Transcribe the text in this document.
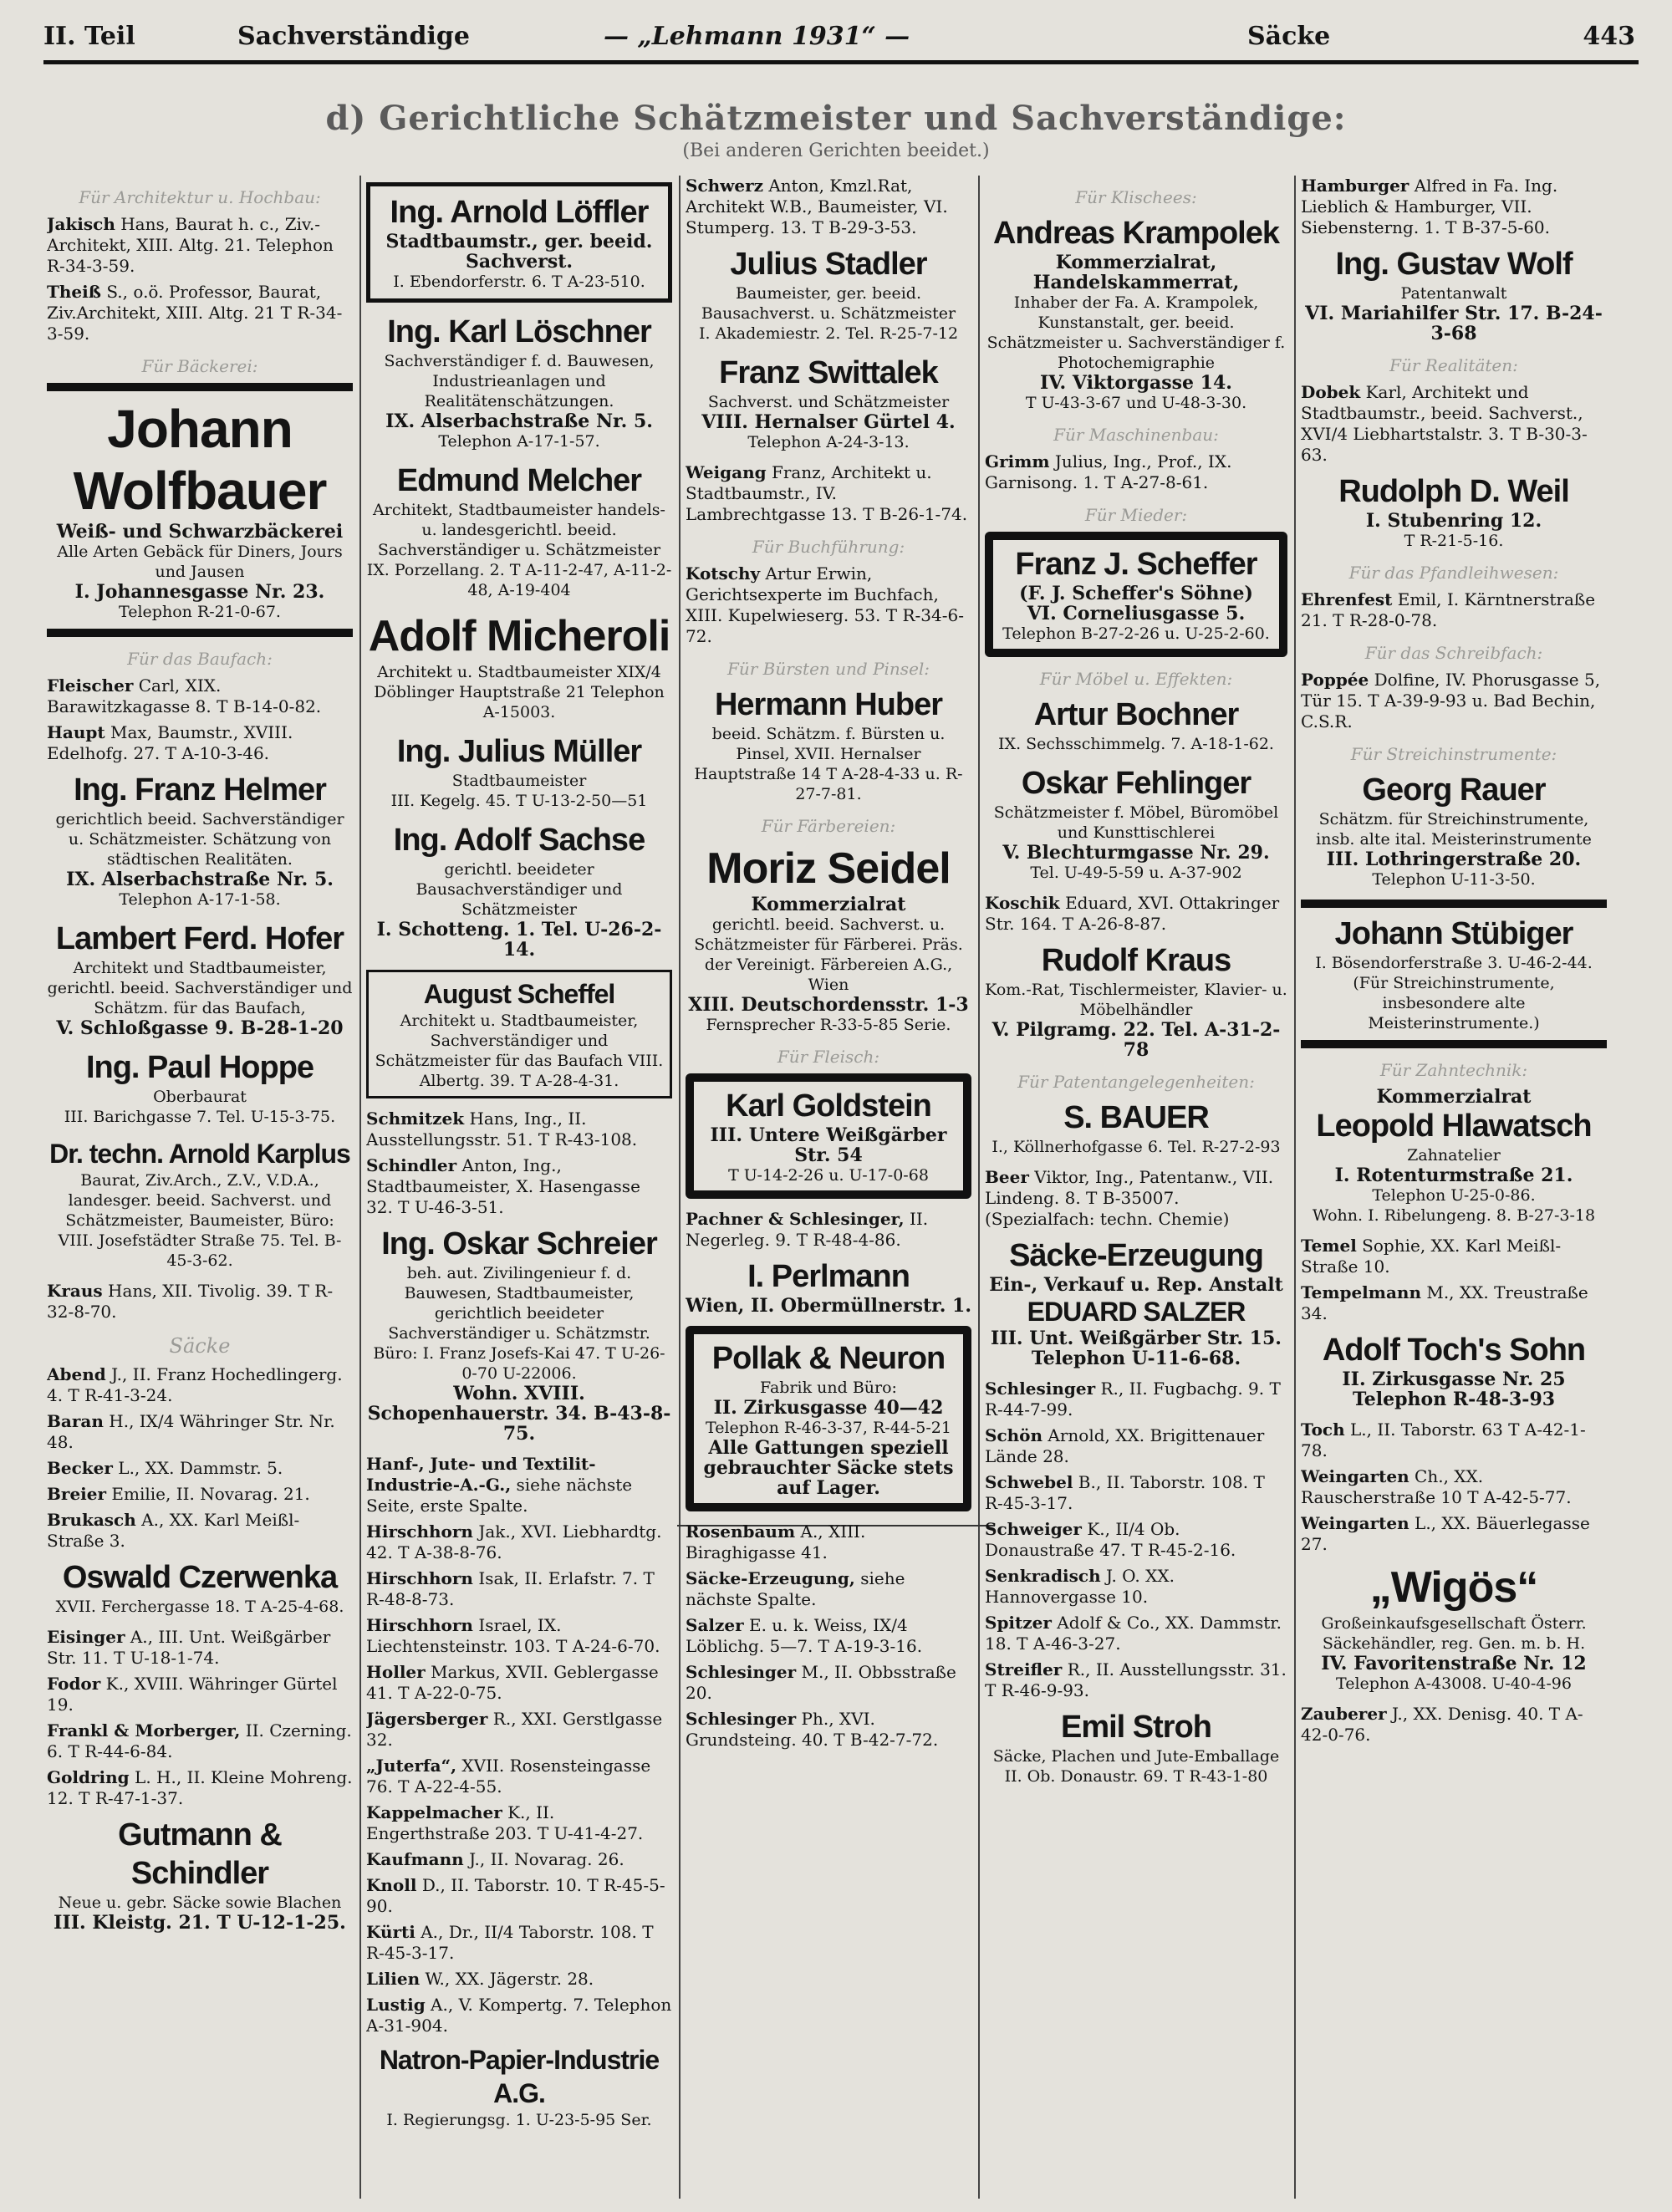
II. Teil	Sachverständige	— „Lehmann 1931“ —	Säcke	443
d) Gerichtliche Schätzmeister und Sachverständige:
(Bei anderen Gerichten beeidet.)
Für Architektur u. Hochbau:
Jakisch Hans, Baurat h. c., Ziv.-Architekt, XIII. Altg. 21. Telephon R-34-3-59.
Theiß S., o.ö. Professor, Baurat, Ziv.Architekt, XIII. Altg. 21 T R-34-3-59.
Für Bäckerei:
Johann Wolfbauer
Weiß- und Schwarzbäckerei
Alle Arten Gebäck für Diners, Jours und Jausen
I. Johannesgasse Nr. 23.
Telephon R-21-0-67.
Für das Baufach:
Fleischer Carl, XIX. Barawitzkagasse 8. T B-14-0-82.
Haupt Max, Baumstr., XVIII. Edelhofg. 27. T A-10-3-46.
Ing. Franz Helmer
gerichtlich beeid. Sachverständiger u. Schätzmeister. Schätzung von städtischen Realitäten.
IX. Alserbachstraße Nr. 5.
Telephon A-17-1-58.
Lambert Ferd. Hofer
Architekt und Stadtbaumeister, gerichtl. beeid. Sachverständiger und Schätzm. für das Baufach,
V. Schloßgasse 9. B-28-1-20
Ing. Paul Hoppe
Oberbaurat
III. Barichgasse 7. Tel. U-15-3-75.
Dr. techn. Arnold Karplus
Baurat, Ziv.Arch., Z.V., V.D.A., landesger. beeid. Sachverst. und Schätzmeister, Baumeister, Büro: VIII. Josefstädter Straße 75. Tel. B-45-3-62.
Kraus Hans, XII. Tivolig. 39. T R-32-8-70.
Säcke
Abend J., II. Franz Hochedlingerg. 4. T R-41-3-24.
Baran H., IX/4 Währinger Str. Nr. 48.
Becker L., XX. Dammstr. 5.
Breier Emilie, II. Novarag. 21.
Brukasch A., XX. Karl Meißl-Straße 3.
Oswald Czerwenka
XVII. Ferchergasse 18. T A-25-4-68.
Eisinger A., III. Unt. Weißgärber Str. 11. T U-18-1-74.
Fodor K., XVIII. Währinger Gürtel 19.
Frankl & Morberger, II. Czerning. 6. T R-44-6-84.
Goldring L. H., II. Kleine Mohreng. 12. T R-47-1-37.
Gutmann & Schindler
Neue u. gebr. Säcke sowie Blachen
III. Kleistg. 21. T U-12-1-25.
Ing. Arnold Löffler
Stadtbaumstr., ger. beeid. Sachverst.
I. Ebendorferstr. 6. T A-23-510.
Ing. Karl Löschner
Sachverständiger f. d. Bauwesen, Industrieanlagen und Realitätenschätzungen.
IX. Alserbachstraße Nr. 5.
Telephon A-17-1-57.
Edmund Melcher
Architekt, Stadtbaumeister handels- u. landesgerichtl. beeid. Sachverständiger u. Schätzmeister IX. Porzellang. 2. T A-11-2-47, A-11-2-48, A-19-404
Adolf Micheroli
Architekt u. Stadtbaumeister XIX/4 Döblinger Hauptstraße 21 Telephon A-15003.
Ing. Julius Müller
Stadtbaumeister
III. Kegelg. 45. T U-13-2-50—51
Ing. Adolf Sachse
gerichtl. beeideter Bausachverständiger und Schätzmeister
I. Schotteng. 1. Tel. U-26-2-14.
August Scheffel
Architekt u. Stadtbaumeister, Sachverständiger und Schätzmeister für das Baufach VIII. Albertg. 39. T A-28-4-31.
Schmitzek Hans, Ing., II. Ausstellungsstr. 51. T R-43-108.
Schindler Anton, Ing., Stadtbaumeister, X. Hasengasse 32. T U-46-3-51.
Ing. Oskar Schreier
beh. aut. Zivilingenieur f. d. Bauwesen, Stadtbaumeister, gerichtlich beeideter Sachverständiger u. Schätzmstr. Büro: I. Franz Josefs-Kai 47. T U-26-0-70 U-22006.
Wohn. XVIII. Schopenhauerstr. 34. B-43-8-75.
Hanf-, Jute- und Textilit-Industrie-A.-G., siehe nächste Seite, erste Spalte.
Hirschhorn Jak., XVI. Liebhardtg. 42. T A-38-8-76.
Hirschhorn Isak, II. Erlafstr. 7. T R-48-8-73.
Hirschhorn Israel, IX. Liechtensteinstr. 103. T A-24-6-70.
Holler Markus, XVII. Geblergasse 41. T A-22-0-75.
Jägersberger R., XXI. Gerstlgasse 32.
„Juterfa“, XVII. Rosensteingasse 76. T A-22-4-55.
Kappelmacher K., II. Engerthstraße 203. T U-41-4-27.
Kaufmann J., II. Novarag. 26.
Knoll D., II. Taborstr. 10. T R-45-5-90.
Kürti A., Dr., II/4 Taborstr. 108. T R-45-3-17.
Lilien W., XX. Jägerstr. 28.
Lustig A., V. Kompertg. 7. Telephon A-31-904.
Natron-Papier-Industrie A.G.
I. Regierungsg. 1. U-23-5-95 Ser.
Schwerz Anton, Kmzl.Rat, Architekt W.B., Baumeister, VI. Stumperg. 13. T B-29-3-53.
Julius Stadler
Baumeister, ger. beeid. Bausachverst. u. Schätzmeister
I. Akademiestr. 2. Tel. R-25-7-12
Franz Swittalek
Sachverst. und Schätzmeister
VIII. Hernalser Gürtel 4.
Telephon A-24-3-13.
Weigang Franz, Architekt u. Stadtbaumstr., IV. Lambrechtgasse 13. T B-26-1-74.
Für Buchführung:
Kotschy Artur Erwin, Gerichtsexperte im Buchfach, XIII. Kupelwieserg. 53. T R-34-6-72.
Für Bürsten und Pinsel:
Hermann Huber
beeid. Schätzm. f. Bürsten u. Pinsel, XVII. Hernalser Hauptstraße 14 T A-28-4-33 u. R-27-7-81.
Für Färbereien:
Moriz Seidel
Kommerzialrat
gerichtl. beeid. Sachverst. u. Schätzmeister für Färberei. Präs. der Vereinigt. Färbereien A.G., Wien
XIII. Deutschordensstr. 1-3
Fernsprecher R-33-5-85 Serie.
Für Fleisch:
Karl Goldstein
III. Untere Weißgärber Str. 54
T U-14-2-26 u. U-17-0-68
Pachner & Schlesinger, II. Negerleg. 9. T R-48-4-86.
I. Perlmann
Wien, II. Obermüllnerstr. 1.
Pollak & Neuron
Fabrik und Büro:
II. Zirkusgasse 40—42
Telephon R-46-3-37, R-44-5-21
Alle Gattungen speziell gebrauchter Säcke stets auf Lager.
Rosenbaum A., XIII. Biraghigasse 41.
Säcke-Erzeugung, siehe nächste Spalte.
Salzer E. u. k. Weiss, IX/4 Löblichg. 5—7. T A-19-3-16.
Schlesinger M., II. Obbsstraße 20.
Schlesinger Ph., XVI. Grundsteing. 40. T B-42-7-72.
Für Klischees:
Andreas Krampolek
Kommerzialrat, Handelskammerrat,
Inhaber der Fa. A. Krampolek, Kunstanstalt, ger. beeid. Schätzmeister u. Sachverständiger f. Photochemigraphie
IV. Viktorgasse 14.
T U-43-3-67 und U-48-3-30.
Für Maschinenbau:
Grimm Julius, Ing., Prof., IX. Garnisong. 1. T A-27-8-61.
Für Mieder:
Franz J. Scheffer
(F. J. Scheffer's Söhne)
VI. Corneliusgasse 5.
Telephon B-27-2-26 u. U-25-2-60.
Für Möbel u. Effekten:
Artur Bochner
IX. Sechsschimmelg. 7. A-18-1-62.
Oskar Fehlinger
Schätzmeister f. Möbel, Büromöbel und Kunsttischlerei
V. Blechturmgasse Nr. 29.
Tel. U-49-5-59 u. A-37-902
Koschik Eduard, XVI. Ottakringer Str. 164. T A-26-8-87.
Rudolf Kraus
Kom.-Rat, Tischlermeister, Klavier- u. Möbelhändler
V. Pilgramg. 22. Tel. A-31-2-78
Für Patentangelegenheiten:
S. BAUER
I., Köllnerhofgasse 6. Tel. R-27-2-93
Beer Viktor, Ing., Patentanw., VII. Lindeng. 8. T B-35007. (Spezialfach: techn. Chemie)
Säcke-Erzeugung
Ein-, Verkauf u. Rep. Anstalt
EDUARD SALZER
III. Unt. Weißgärber Str. 15.
Telephon U-11-6-68.
Schlesinger R., II. Fugbachg. 9. T R-44-7-99.
Schön Arnold, XX. Brigittenauer Lände 28.
Schwebel B., II. Taborstr. 108. T R-45-3-17.
Schweiger K., II/4 Ob. Donaustraße 47. T R-45-2-16.
Senkradisch J. O. XX. Hannovergasse 10.
Spitzer Adolf & Co., XX. Dammstr. 18. T A-46-3-27.
Streifler R., II. Ausstellungsstr. 31. T R-46-9-93.
Emil Stroh
Säcke, Plachen und Jute-Emballage
II. Ob. Donaustr. 69. T R-43-1-80
Hamburger Alfred in Fa. Ing. Lieblich & Hamburger, VII. Siebensterng. 1. T B-37-5-60.
Ing. Gustav Wolf
Patentanwalt
VI. Mariahilfer Str. 17. B-24-3-68
Für Realitäten:
Dobek Karl, Architekt und Stadtbaumstr., beeid. Sachverst., XVI/4 Liebhartstalstr. 3. T B-30-3-63.
Rudolph D. Weil
I. Stubenring 12.
T R-21-5-16.
Für das Pfandleihwesen:
Ehrenfest Emil, I. Kärntnerstraße 21. T R-28-0-78.
Für das Schreibfach:
Poppée Dolfine, IV. Phorusgasse 5, Tür 15. T A-39-9-93 u. Bad Bechin, C.S.R.
Für Streichinstrumente:
Georg Rauer
Schätzm. für Streichinstrumente, insb. alte ital. Meisterinstrumente
III. Lothringerstraße 20.
Telephon U-11-3-50.
Johann Stübiger
I. Bösendorferstraße 3. U-46-2-44.
(Für Streichinstrumente, insbesondere alte Meisterinstrumente.)
Für Zahntechnik:
Kommerzialrat
Leopold Hlawatsch
Zahnatelier
I. Rotenturmstraße 21.
Telephon U-25-0-86.
Wohn. I. Ribelungeng. 8. B-27-3-18
Temel Sophie, XX. Karl Meißl-Straße 10.
Tempelmann M., XX. Treustraße 34.
Adolf Toch's Sohn
II. Zirkusgasse Nr. 25
Telephon R-48-3-93
Toch L., II. Taborstr. 63 T A-42-1-78.
Weingarten Ch., XX. Rauscherstraße 10 T A-42-5-77.
Weingarten L., XX. Bäuerlegasse 27.
„Wigös“
Großeinkaufsgesellschaft Österr. Säckehändler, reg. Gen. m. b. H.
IV. Favoritenstraße Nr. 12
Telephon A-43008. U-40-4-96
Zauberer J., XX. Denisg. 40. T A-42-0-76.
